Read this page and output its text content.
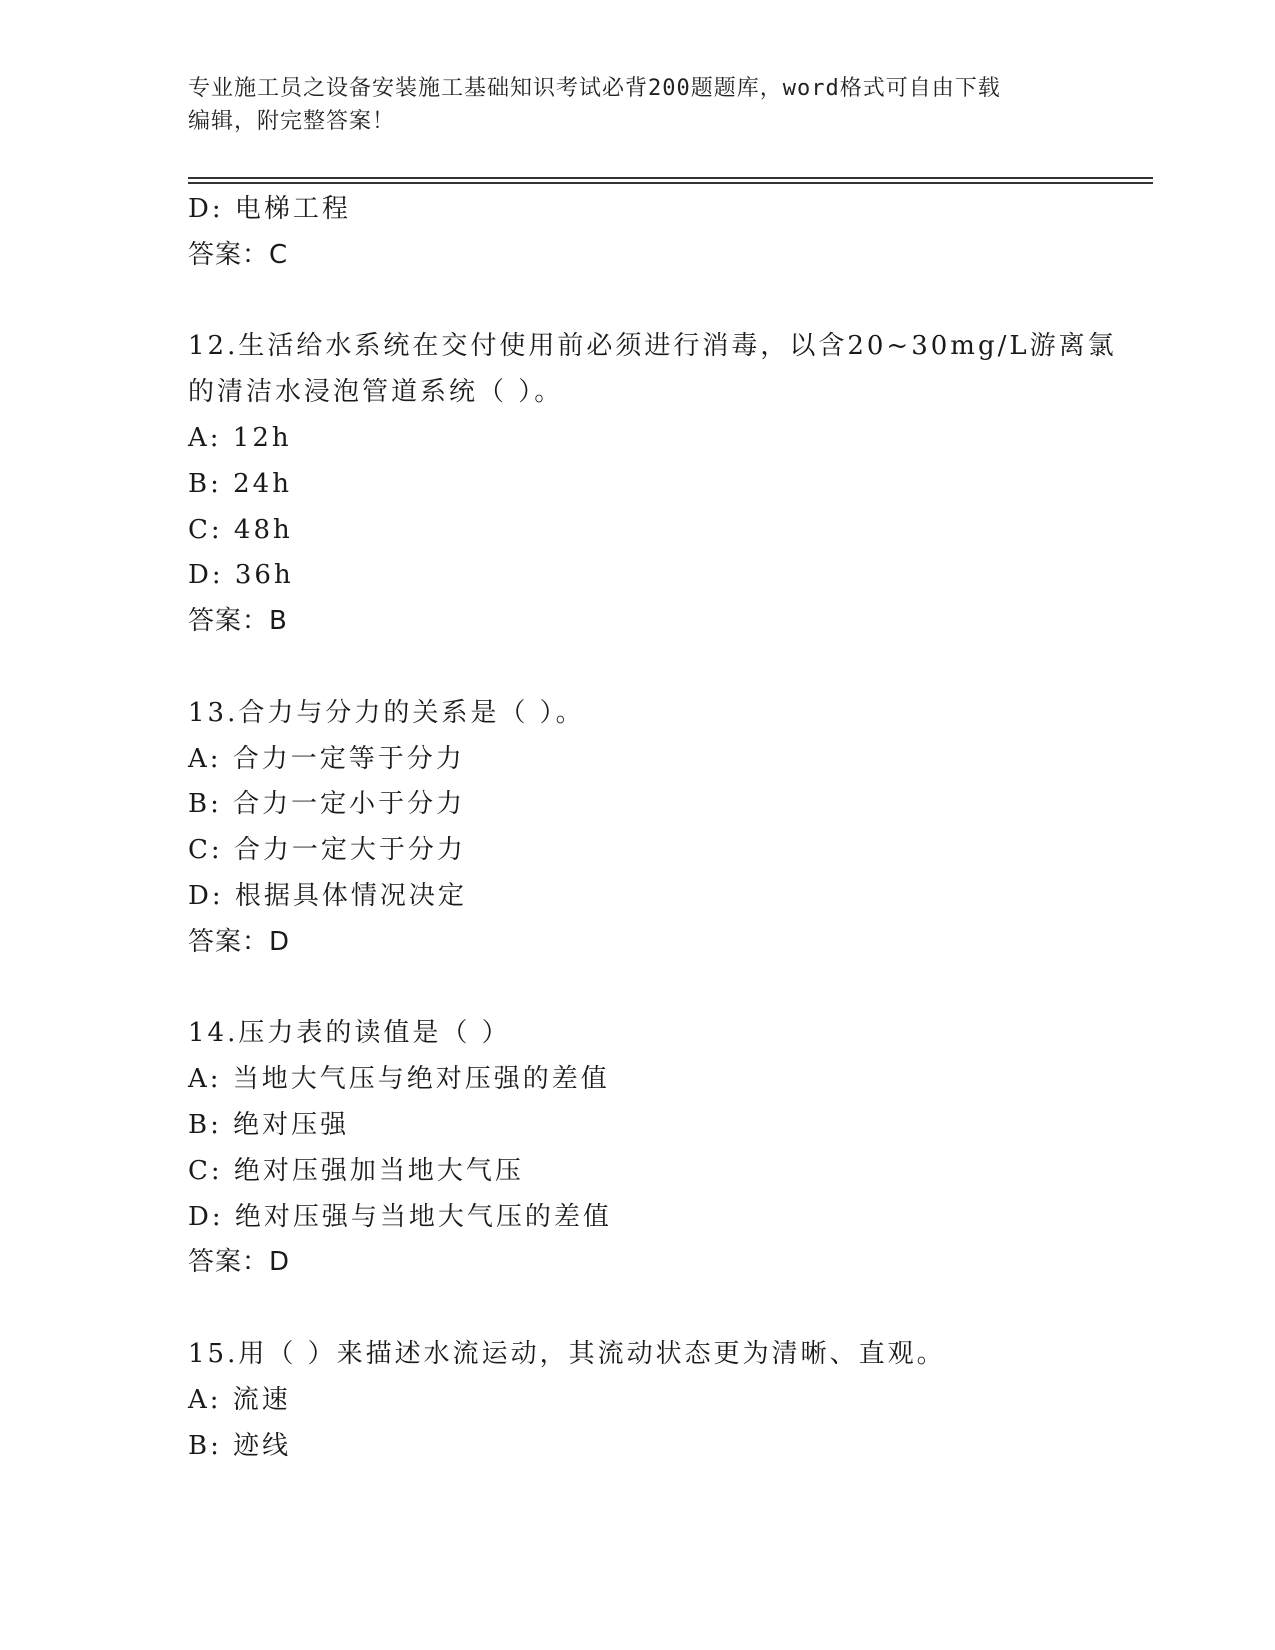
专业施工员之设备安装施工基础知识考试必背200题题库，word格式可自由下载
编辑，附完整答案！
D: 电梯工程
答案：C
12.生活给水系统在交付使用前必须进行消毒，以含20~30mg/L游离氯
的清洁水浸泡管道系统（ ）。
A: 12h
B: 24h
C: 48h
D: 36h
答案：B
13.合力与分力的关系是（ ）。
A: 合力一定等于分力
B: 合力一定小于分力
C: 合力一定大于分力
D: 根据具体情况决定
答案：D
14.压力表的读值是（ ）
A: 当地大气压与绝对压强的差值
B: 绝对压强
C: 绝对压强加当地大气压
D: 绝对压强与当地大气压的差值
答案：D
15.用（ ）来描述水流运动，其流动状态更为清晰、直观。
A: 流速
B: 迹线
